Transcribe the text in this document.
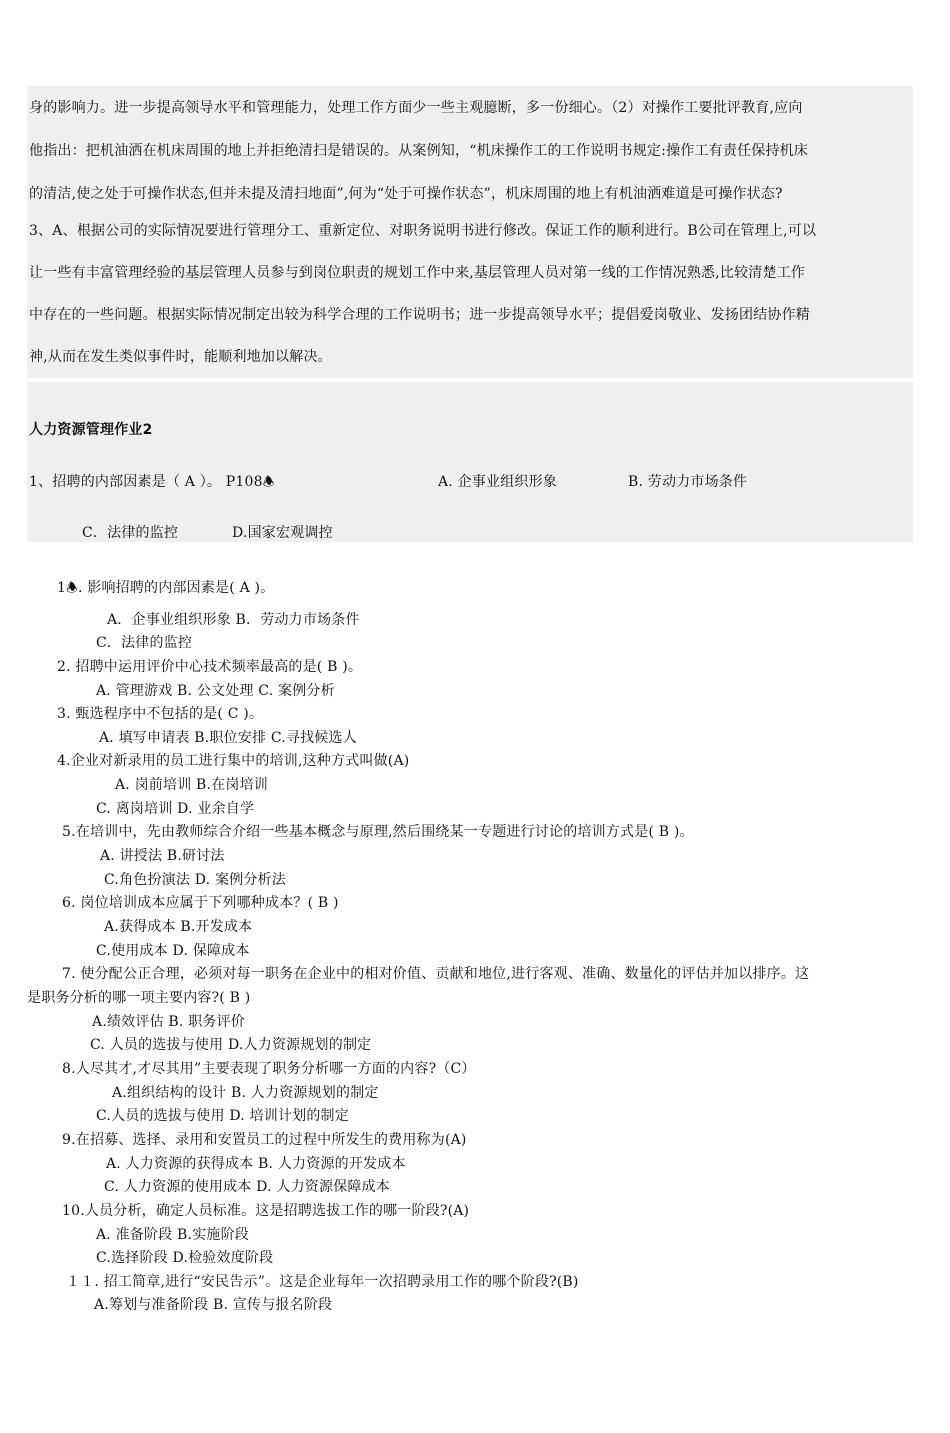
身的影响力。进一步提高领导水平和管理能力，处理工作方面少一些主观臆断，多一份细心。（2）对操作工要批评教育,应向
他指出：把机油洒在机床周围的地上并拒绝清扫是错误的。从案例知，“机床操作工的工作说明书规定:操作工有责任保持机床
的清洁,使之处于可操作状态,但并未提及清扫地面”,何为“处于可操作状态”，机床周围的地上有机油洒难道是可操作状态?
3、A、根据公司的实际情况要进行管理分工、重新定位、对职务说明书进行修改。保证工作的顺利进行。B公司在管理上,可以
让一些有丰富管理经验的基层管理人员参与到岗位职责的规划工作中来,基层管理人员对第一线的工作情况熟悉,比较清楚工作
中存在的一些问题。根据实际情况制定出较为科学合理的工作说明书；进一步提高领导水平；提倡爱岗敬业、发扬团结协作精
神,从而在发生类似事件时，能顺利地加以解决。
人力资源管理作业2
1、招聘的内部因素是（ A ）。 P108🕭	A. 企事业组织形象	B. 劳动力市场条件
C．法律的监控	D.国家宏观调控
1🕭. 影响招聘的内部因素是( A )。
A．企事业组织形象 B．劳动力市场条件
C．法律的监控
2. 招聘中运用评价中心技术频率最高的是( B )。
A. 管理游戏 B. 公文处理 C. 案例分析
3. 甄选程序中不包括的是( C )。
A. 填写申请表 B.职位安排 C.寻找候选人
4.企业对新录用的员工进行集中的培训,这种方式叫做(A)
A. 岗前培训 B.在岗培训
C. 离岗培训 D. 业余自学
5.在培训中，先由教师综合介绍一些基本概念与原理,然后围绕某一专题进行讨论的培训方式是( B )。
A. 讲授法 B.研讨法
C.角色扮演法 D. 案例分析法
6. 岗位培训成本应属于下列哪种成本？( B )
A.获得成本 B.开发成本
C.使用成本 D. 保障成本
7. 使分配公正合理，必须对每一职务在企业中的相对价值、贡献和地位,进行客观、准确、数量化的评估并加以排序。这
是职务分析的哪一项主要内容?( B )
A.绩效评估 B. 职务评价
C. 人员的选拔与使用 D.人力资源规划的制定
8.人尽其才,才尽其用”主要表现了职务分析哪一方面的内容?（C）
A.组织结构的设计 B. 人力资源规划的制定
C.人员的选拔与使用 D. 培训计划的制定
9.在招募、选择、录用和安置员工的过程中所发生的费用称为(A)
A. 人力资源的获得成本 B. 人力资源的开发成本
C. 人力资源的使用成本 D. 人力资源保障成本
10.人员分析，确定人员标准。这是招聘选拔工作的哪一阶段?(A)
A. 准备阶段 B.实施阶段
C.选择阶段 D.检验效度阶段
１１. 招工简章,进行“安民告示”。这是企业每年一次招聘录用工作的哪个阶段?(B)
A.筹划与准备阶段 B. 宣传与报名阶段
